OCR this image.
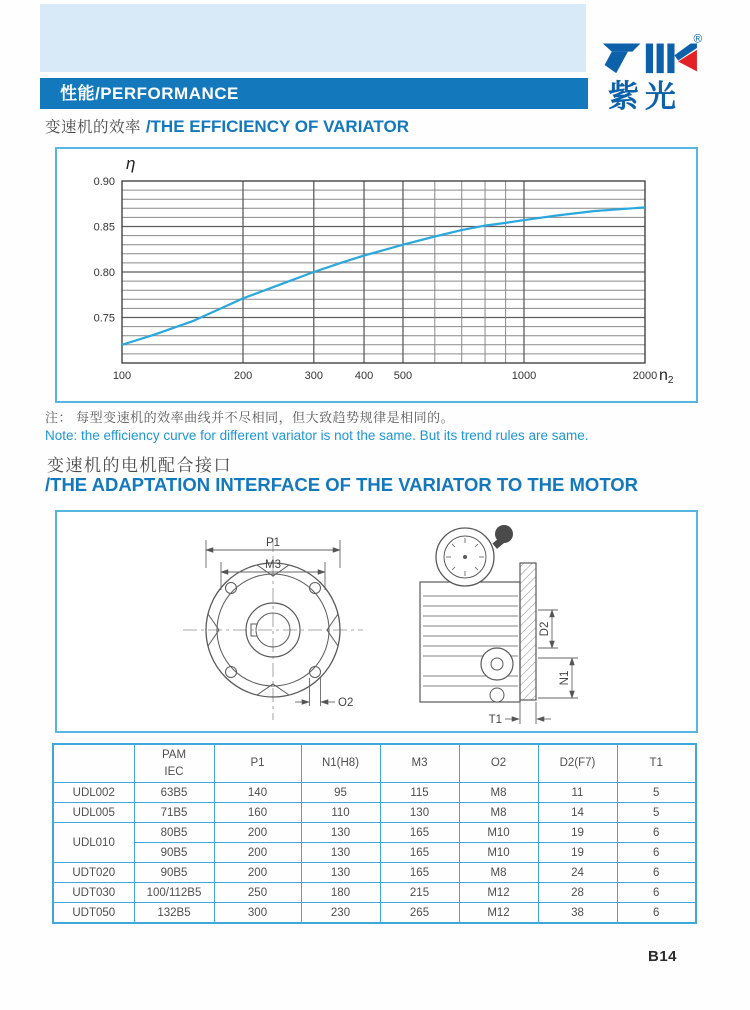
性能/PERFORMANCE
®
紫光
变速机的效率 /THE EFFICIENCY OF VARIATOR
0.90
0.85
0.80
0.75
100	200	300	400 500	1000	2000
η
n2
注： 每型变速机的效率曲线并不尽相同，但大致趋势规律是相同的。
Note: the efficiency curve for different variator is not the same. But its trend rules are same.
变速机的电机配合接口
/THE ADAPTATION INTERFACE OF THE VARIATOR TO THE MOTOR
P1
M3
O2
D2
N1
T1

	PAM
IEC	P1	N1(H8)	M3	O2	D2(F7)	T1
UDL002	63B5	140	95	115	M8	11	5
UDL005	71B5	160	110	130	M8	14	5
UDL010	80B5	200	130	165	M10	19	6
	90B5	200	130	165	M10	19	6
UDT020	90B5	200	130	165	M8	24	6
UDT030	100/112B5	250	180	215	M12	28	6
UDT050	132B5	300	230	265	M12	38	6
B14
